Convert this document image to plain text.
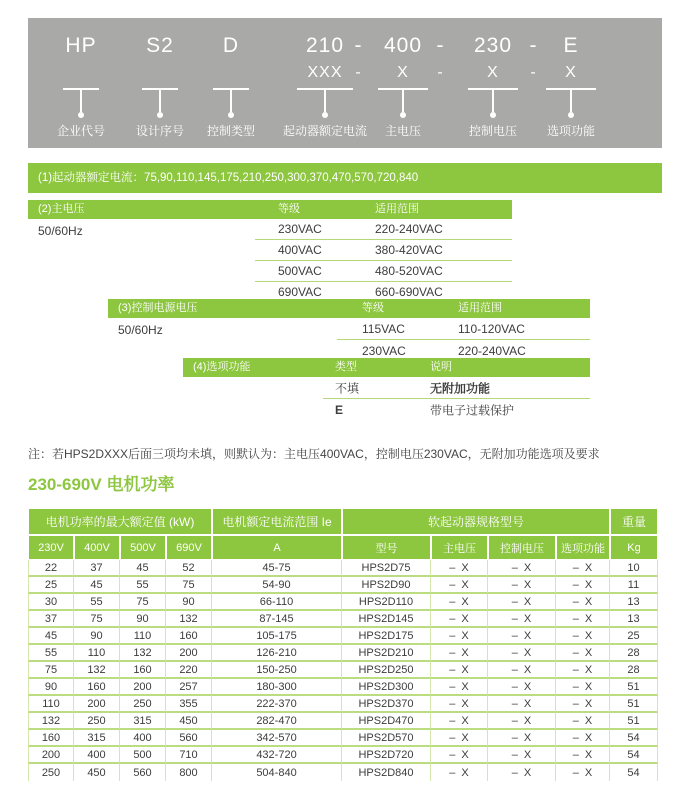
HP S2 D	210 - 400 - 230 - E
XXX - X -	X - X
企业代号	设计序号 控制类型 起动器额定电流 主电压	控制电压 选项功能
(1)起动器额定电流：75,90,110,145,175,210,250,300,370,470,570,720,840
(2)主电压	等级	适用范围
50/60Hz	230VAC	220-240VAC
400VAC	380-420VAC
500VAC	480-520VAC
690VAC	660-690VAC
(3)控制电源电压	等级	适用范围
50/60Hz	115VAC	110-120VAC
230VAC	220-240VAC
(4)选项功能	类型	说明
不填	无附加功能
E	带电子过载保护
注：若HPS2DXXX后面三项均未填，则默认为：主电压400VAC，控制电压230VAC，无附加功能选项及要求
230-690V 电机功率
电机功率的最大额定值 (kW)	电机额定电流范围 Ie	软起动器规格型号	重量
230V	400V	500V	690V	A	型号	主电压	控制电压	选项功能	Kg
22	37	45	52	45-75	HPS2D75	–  X	–  X	–  X	10
25	45	55	75	54-90	HPS2D90	–  X	–  X	–  X	11
30	55	75	90	66-110	HPS2D110	–  X	–  X	–  X	13
37	75	90	132	87-145	HPS2D145	–  X	–  X	–  X	13
45	90	110	160	105-175	HPS2D175	–  X	–  X	–  X	25
55	110	132	200	126-210	HPS2D210	–  X	–  X	–  X	28
75	132	160	220	150-250	HPS2D250	–  X	–  X	–  X	28
90	160	200	257	180-300	HPS2D300	–  X	–  X	–  X	51
110	200	250	355	222-370	HPS2D370	–  X	–  X	–  X	51
132	250	315	450	282-470	HPS2D470	–  X	–  X	–  X	51
160	315	400	560	342-570	HPS2D570	–  X	–  X	–  X	54
200	400	500	710	432-720	HPS2D720	–  X	–  X	–  X	54
250	450	560	800	504-840	HPS2D840	–  X	–  X	–  X	54
